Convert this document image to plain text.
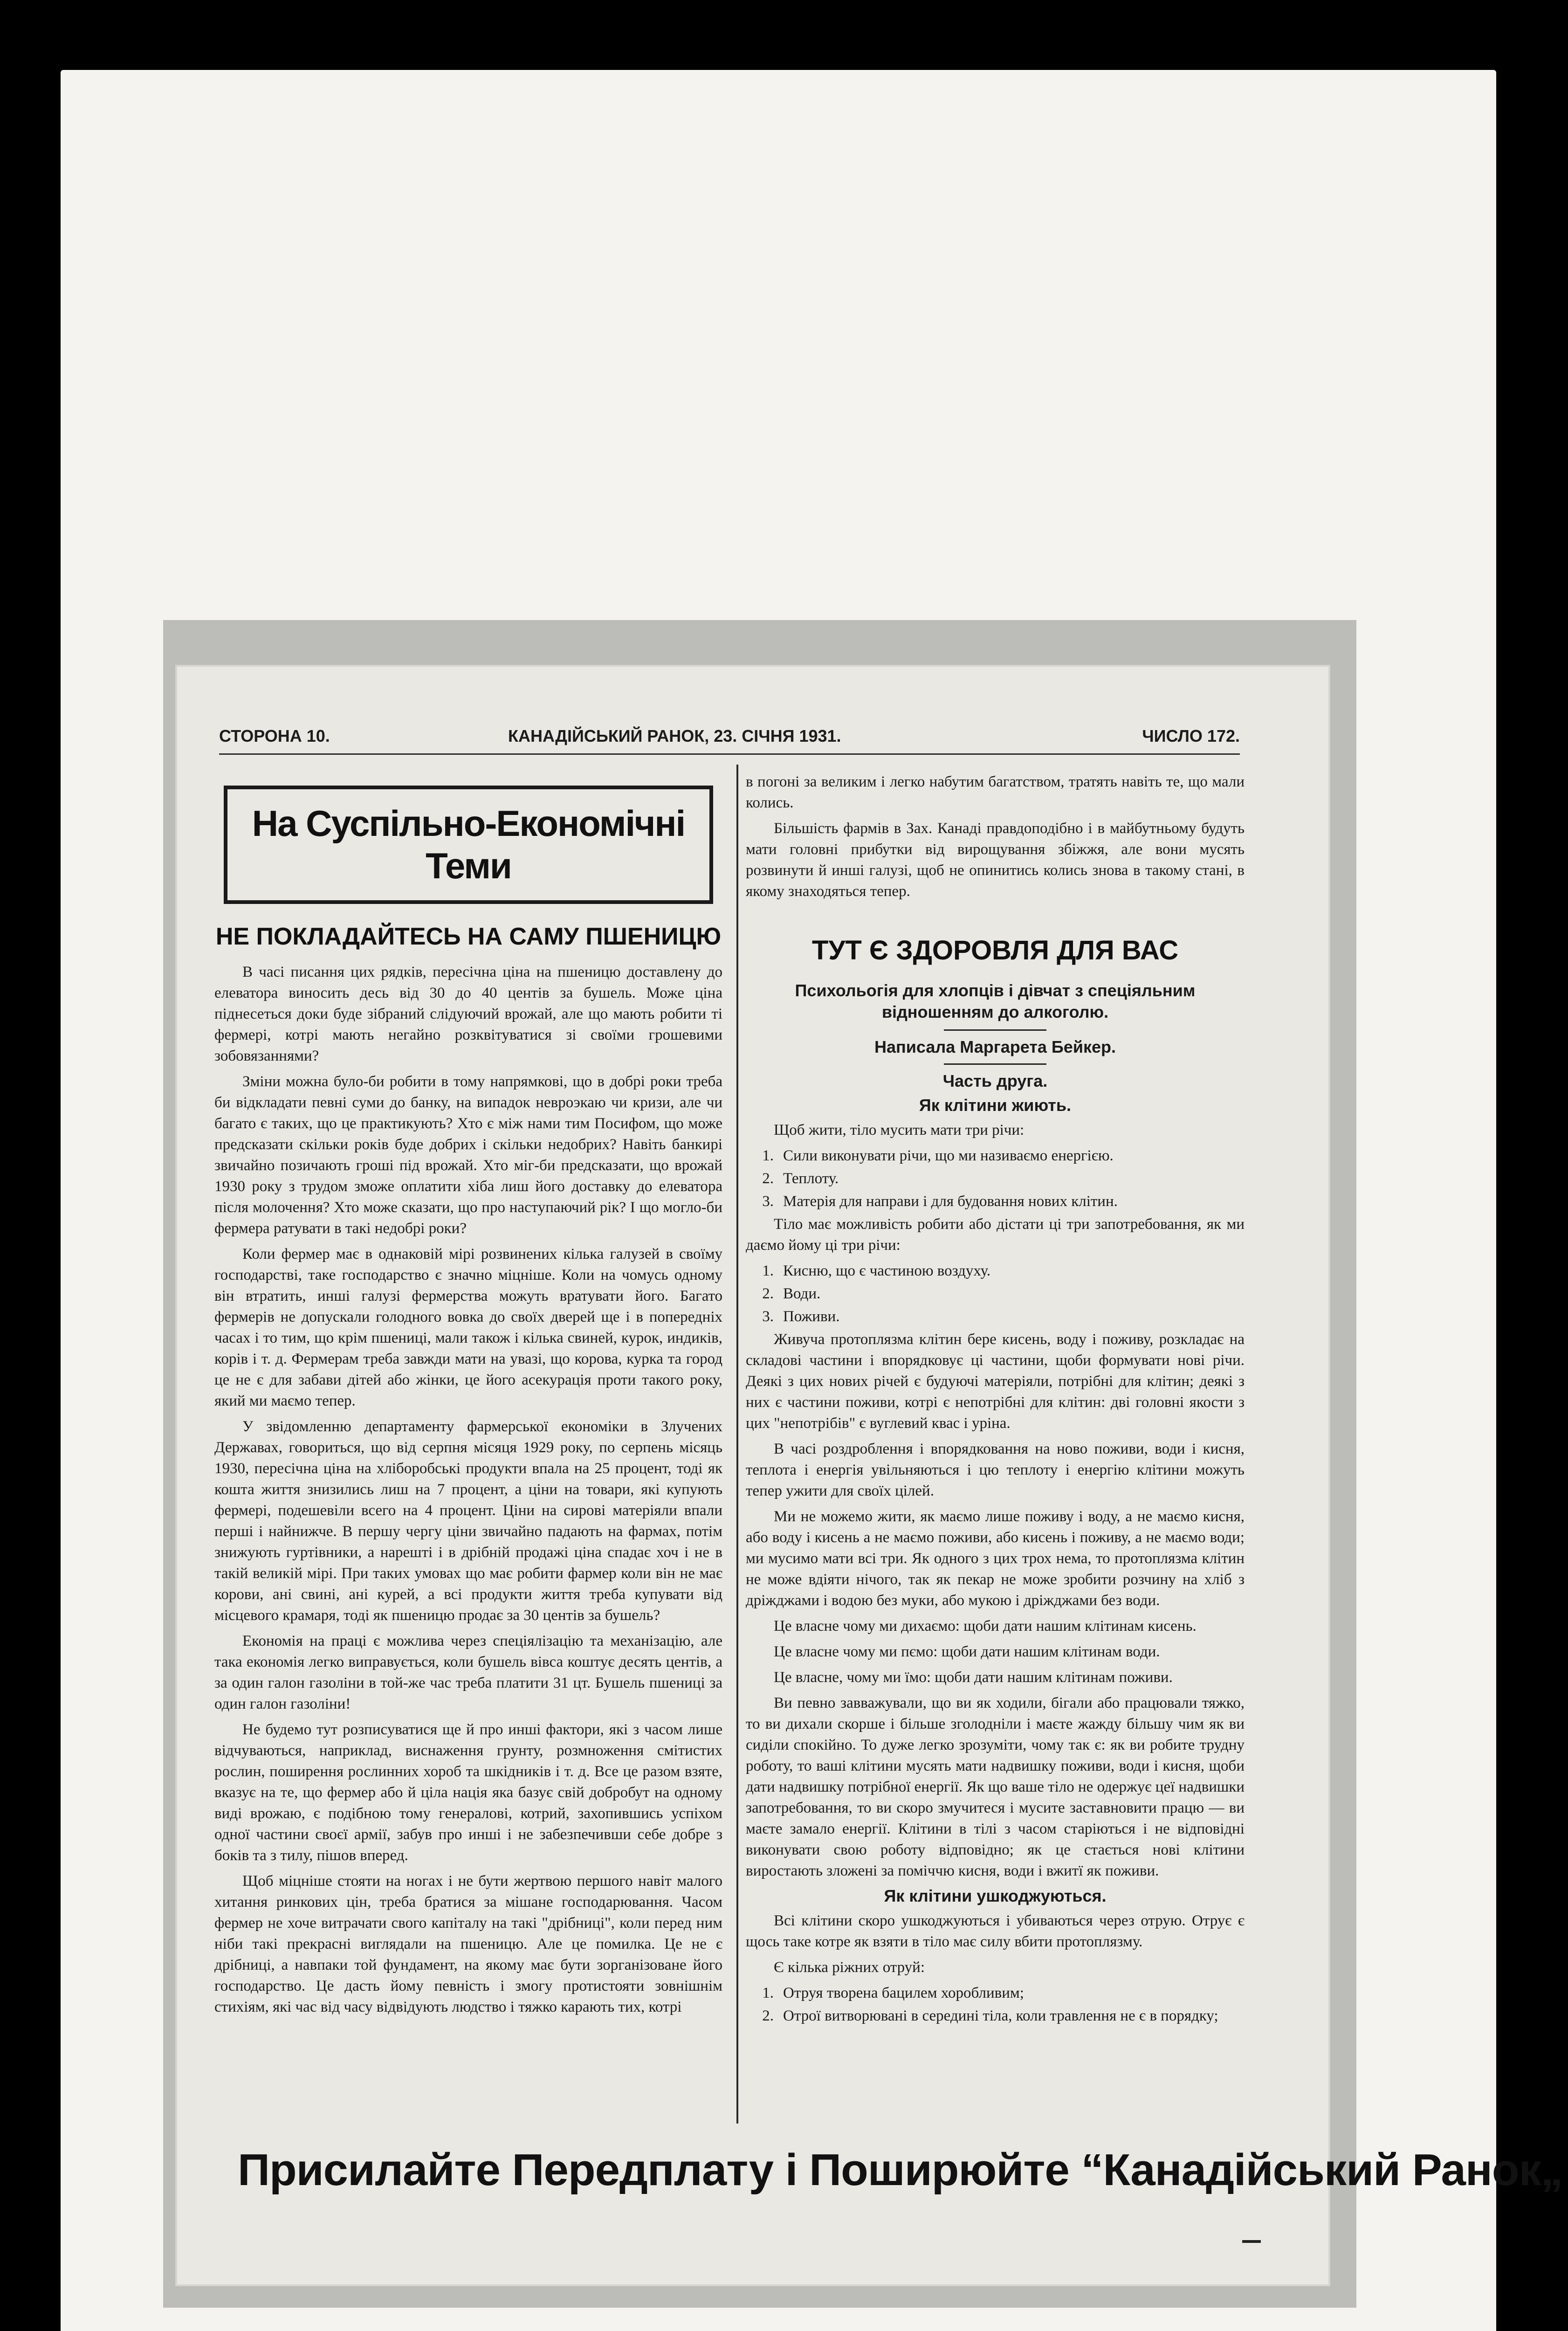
СТОРОНА 10.	КАНАДІЙСЬКИЙ РАНОК, 23. СІЧНЯ 1931.	ЧИСЛО 172.
На Суспільно-Економічні Теми
НЕ ПОКЛАДАЙТЕСЬ НА САМУ ПШЕНИЦЮ

В часі писання цих рядків, пересічна ціна на пшеницю доставлену до елеватора виносить десь від 30 до 40 центів за бушель. Може ціна піднесеться доки буде зібраний слідуючий врожай, але що мають робити ті фермері, котрі мають негайно розквітуватися зі своїми грошевими зобовязаннями?

Зміни можна було-би робити в тому напрямкові, що в добрі роки треба би відкладати певні суми до банку, на випадок невроэкаю чи кризи, але чи багато є таких, що це практикують? Хто є між нами тим Посифом, що може предсказати скільки років буде добрих і скільки недобрих? Навіть банкирі звичайно позичають гроші під врожай. Хто міг-би предсказати, що врожай 1930 року з трудом зможе оплатити хіба лиш його доставку до елеватора після молочення? Хто може сказати, що про наступаючий рік? І що могло-би фермера ратувати в такі недобрі роки?

Коли фермер має в однаковій мірі розвинених кілька галузей в своїму господарстві, таке господарство є значно міцніше. Коли на чомусь одному він втратить, инші галузі фермерства можуть вратувати його. Багато фермерів не допускали голодного вовка до своїх дверей ще і в попередніх часах і то тим, що крім пшениці, мали також і кілька свиней, курок, индиків, корів і т. д. Фермерам треба завжди мати на увазі, що корова, курка та город це не є для забави дітей або жінки, це його асекурація проти такого року, який ми маємо тепер.

У звідомленню департаменту фармерської економіки в Злучених Державах, говориться, що від серпня місяця 1929 року, по серпень місяць 1930, пересічна ціна на хліборобські продукти впала на 25 процент, тоді як кошта життя знизились лиш на 7 процент, а ціни на товари, які купують фермері, подешевіли всего на 4 процент. Ціни на сирові матеріяли впали перші і найнижче. В першу чергу ціни звичайно падають на фармах, потім знижують гуртівники, а нарешті і в дрібній продажі ціна спадає хоч і не в такій великій мірі. При таких умовах що має робити фармер коли він не має корови, ані свині, ані курей, а всі продукти життя треба купувати від місцевого крамаря, тоді як пшеницю продає за 30 центів за бушель?

Економія на праці є можлива через спеціялізацію та механізацію, але така економія легко виправується, коли бушель вівса коштує десять центів, а за один галон газоліни в той-же час треба платити 31 цт. Бушель пшениці за один галон газоліни!

Не будемо тут розписуватися ще й про инші фактори, які з часом лише відчуваються, наприклад, виснаження грунту, розмноження смітистих рослин, поширення рослинних хороб та шкідників і т. д. Все це разом взяте, вказує на те, що фермер або й ціла нація яка базує свій добробут на одному виді врожаю, є подібною тому генералові, котрий, захопившись успіхом одної частини своєї армії, забув про инші і не забезпечивши себе добре з боків та з тилу, пішов вперед.

Щоб міцніше стояти на ногах і не бути жертвою першого навіт малого хитання ринкових цін, треба братися за мішане господарювання. Часом фермер не хоче витрачати свого капіталу на такі "дрібниці", коли перед ним ніби такі прекрасні виглядали на пшеницю. Але це помилка. Це не є дрібниці, а навпаки той фундамент, на якому має бути зорганізоване його господарство. Це дасть йому певність і змогу протистояти зовнішнім стихіям, які час від часу відвідують людство і тяжко карають тих, котрі

в погоні за великим і легко набутим багатством, тратять навіть те, що мали колись.

Більшість фармів в Зах. Канаді правдоподібно і в майбутньому будуть мати головні прибутки від вирощування збіжжя, але вони мусять розвинути й инші галузі, щоб не опинитись колись знова в такому стані, в якому знаходяться тепер.

ТУТ Є ЗДОРОВЛЯ ДЛЯ ВАС
Психольогія для хлопців і дівчат з спеціяльним відношенням до алкоголю.
Написала Маргарета Бейкер.
Часть друга.
Як клітини жиють.

Щоб жити, тіло мусить мати три річи:

1. Сили виконувати річи, що ми називаємо енергією.
2. Теплоту.
3. Матерія для направи і для будовання нових клітин.

Тіло має можливість робити або дістати ці три запотребовання, як ми даємо йому ці три річи:

1. Кисню, що є частиною воздуху.
2. Води.
3. Поживи.

Живуча протоплязма клітин бере кисень, воду і поживу, розкладає на складові частини і впорядковує ці частини, щоби формувати нові річи. Деякі з цих нових річей є будуючі матеріяли, потрібні для клітин; деякі з них є частини поживи, котрі є непотрібні для клітин: дві головні якости з цих "непотрібів" є вуглевий квас і уріна.

В часі роздроблення і впорядковання на ново поживи, води і кисня, теплота і енергія увільняються і цю теплоту і енергію клітини можуть тепер ужити для своїх цілей.

Ми не можемо жити, як маємо лише поживу і воду, а не маємо кисня, або воду і кисень а не маємо поживи, або кисень і поживу, а не маємо води; ми мусимо мати всі три. Як одного з цих трох нема, то протоплязма клітин не може вдіяти нічого, так як пекар не може зробити розчину на хліб з дріжджами і водою без муки, або мукою і дріжджами без води.

Це власне чому ми дихаємо: щоби дати нашим клітинам кисень.

Це власне чому ми пємо: щоби дати нашим клітинам води.

Це власне, чому ми їмо: щоби дати нашим клітинам поживи.

Ви певно завважували, що ви як ходили, бігали або працювали тяжко, то ви дихали скорше і більше зголодніли і маєте жажду більшу чим як ви сиділи спокійно. То дуже легко зрозуміти, чому так є: як ви робите трудну роботу, то ваші клітини мусять мати надвишку поживи, води і кисня, щоби дати надвишку потрібної енергії. Як що ваше тіло не одержує цеї надвишки запотребовання, то ви скоро змучитеся і мусите заставновити працю — ви маєте замало енергії. Клітини в тілі з часом старіються і не відповідні виконувати свою роботу відповідно; як це стається нові клітини виростають зложені за поміччю кисня, води і вжитї як поживи.

Як клітини ушкоджуються.

Всі клітини скоро ушкоджуються і убиваються через отрую. Отрує є щось таке котре як взяти в тіло має силу вбити протоплязму.

Є кілька ріжних отруй:

1. Отруя творена бацилем хоробливим;
2. Отрої витворювані в середині тіла, коли травлення не є в порядку;
Присилайте Передплату і Поширюйте “Канадійський Ранок„
